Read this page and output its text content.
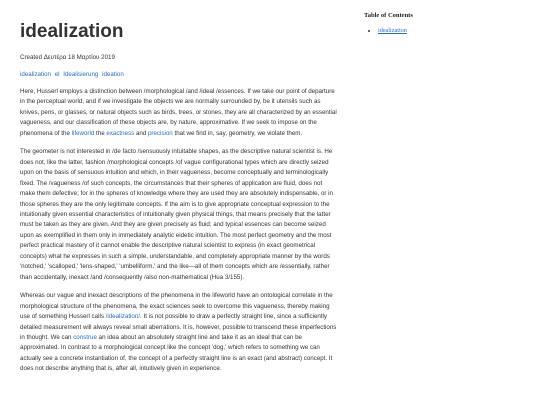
idealization
Created Δευτέρα 18 Μαρτίου 2019
idealization el Idealisierung ideation

Here, Husserl employs a distinction between /morphological /and /ideal /essences. If we take our point of departure in the perceptual world, and if we investigate the objects we are normally surrounded by, be it utensils such as knives, pens, or glasses, or natural objects such as birds, trees, or stones, they are all characterized by an essential vagueness, and our classification of these objects are, by nature, approximative. If we seek to impose on the phenomena of the lifeworld the exactness and precision that we find in, say, geometry, we violate them.

The geometer is not interested in /de facto /sensuously intuitable shapes, as the descriptive natural scientist is. He does not, like the latter, fashion /morphological concepts /of vague configurational types which are directly seized upon on the basis of sensuous intuition and which, in their vagueness, become conceptually and terminologically fixed. The /vagueness /of such concepts, the circumstances that their spheres of application are fluid, does not make them defective; for in the spheres of knowledge where they are used they are absolutely indispensable, or in those spheres they are the only legitimate concepts. If the aim is to give appropriate conceptual expression to the intuitionally given essential characteristics of intuitionally given physical things, that means precisely that the latter must be taken as they are given. And they are given precisely as fluid; and typical essences can become seized upon as exemplified in them only in immediately analytic eidetic intuition. The most perfect geometry and the most perfect practical mastery of it cannot enable the descriptive natural scientist to express (in exact geometrical concepts) what he expresses in such a simple, understandable, and completely appropriate manner by the words 'notched,' 'scalloped,' 'lens-shaped,' 'umbelliform,' and the like—all of them concepts which are /essentially, rather than accidentally, inexact /and /consequently /also non-mathematical (Hua 3/155).

Whereas our vague and inexact descriptions of the phenomena in the lifeworld have an ontological correlate in the morphological structure of the phenomena, the exact sciences seek to overcome this vagueness, thereby making use of something Husserl calls /idealization/. It is not possible to draw a perfectly straight line, since a sufficiently detailed measurement will always reveal small aberrations. It is, however, possible to transcend these imperfections in thought. We can construe an idea about an absolutely straight line and take it as an ideal that can be approximated. In contrast to a morphological concept like the concept 'dog,' which refers to something we can actually see a concrete instantiation of, the concept of a perfectly straight line is an exact (and abstract) concept. It does not describe anything that is, after all, intuitively given in experience.

Table of Contents
• idealization
